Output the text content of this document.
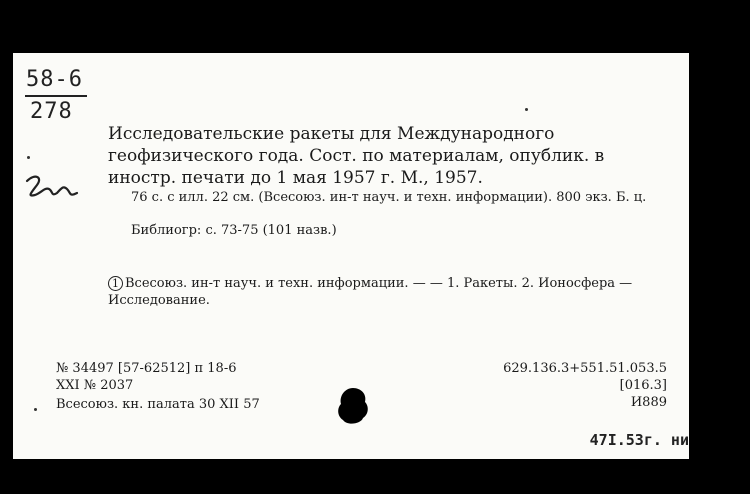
58-6
278
Исследовательские ракеты для Международного геофизического года. Сост. по материалам, опублик. в иностр. печати до 1 мая 1957 г. М., 1957.
76 с. с илл. 22 см. (Всесоюз. ин-т науч. и техн. информации). 800 экз. Б. ц.
Библиогр: с. 73-75 (101 назв.)
1 Всесоюз. ин-т науч. и техн. информации. — — 1. Ракеты. 2. Ионосфера — Исследование.
№ 34497 [57-62512] п 18-6
XXI № 2037
Всесоюз. кн. палата 30 XII 57
629.136.3+551.51.053.5
[016.3]
И889
47I.53г. ни
